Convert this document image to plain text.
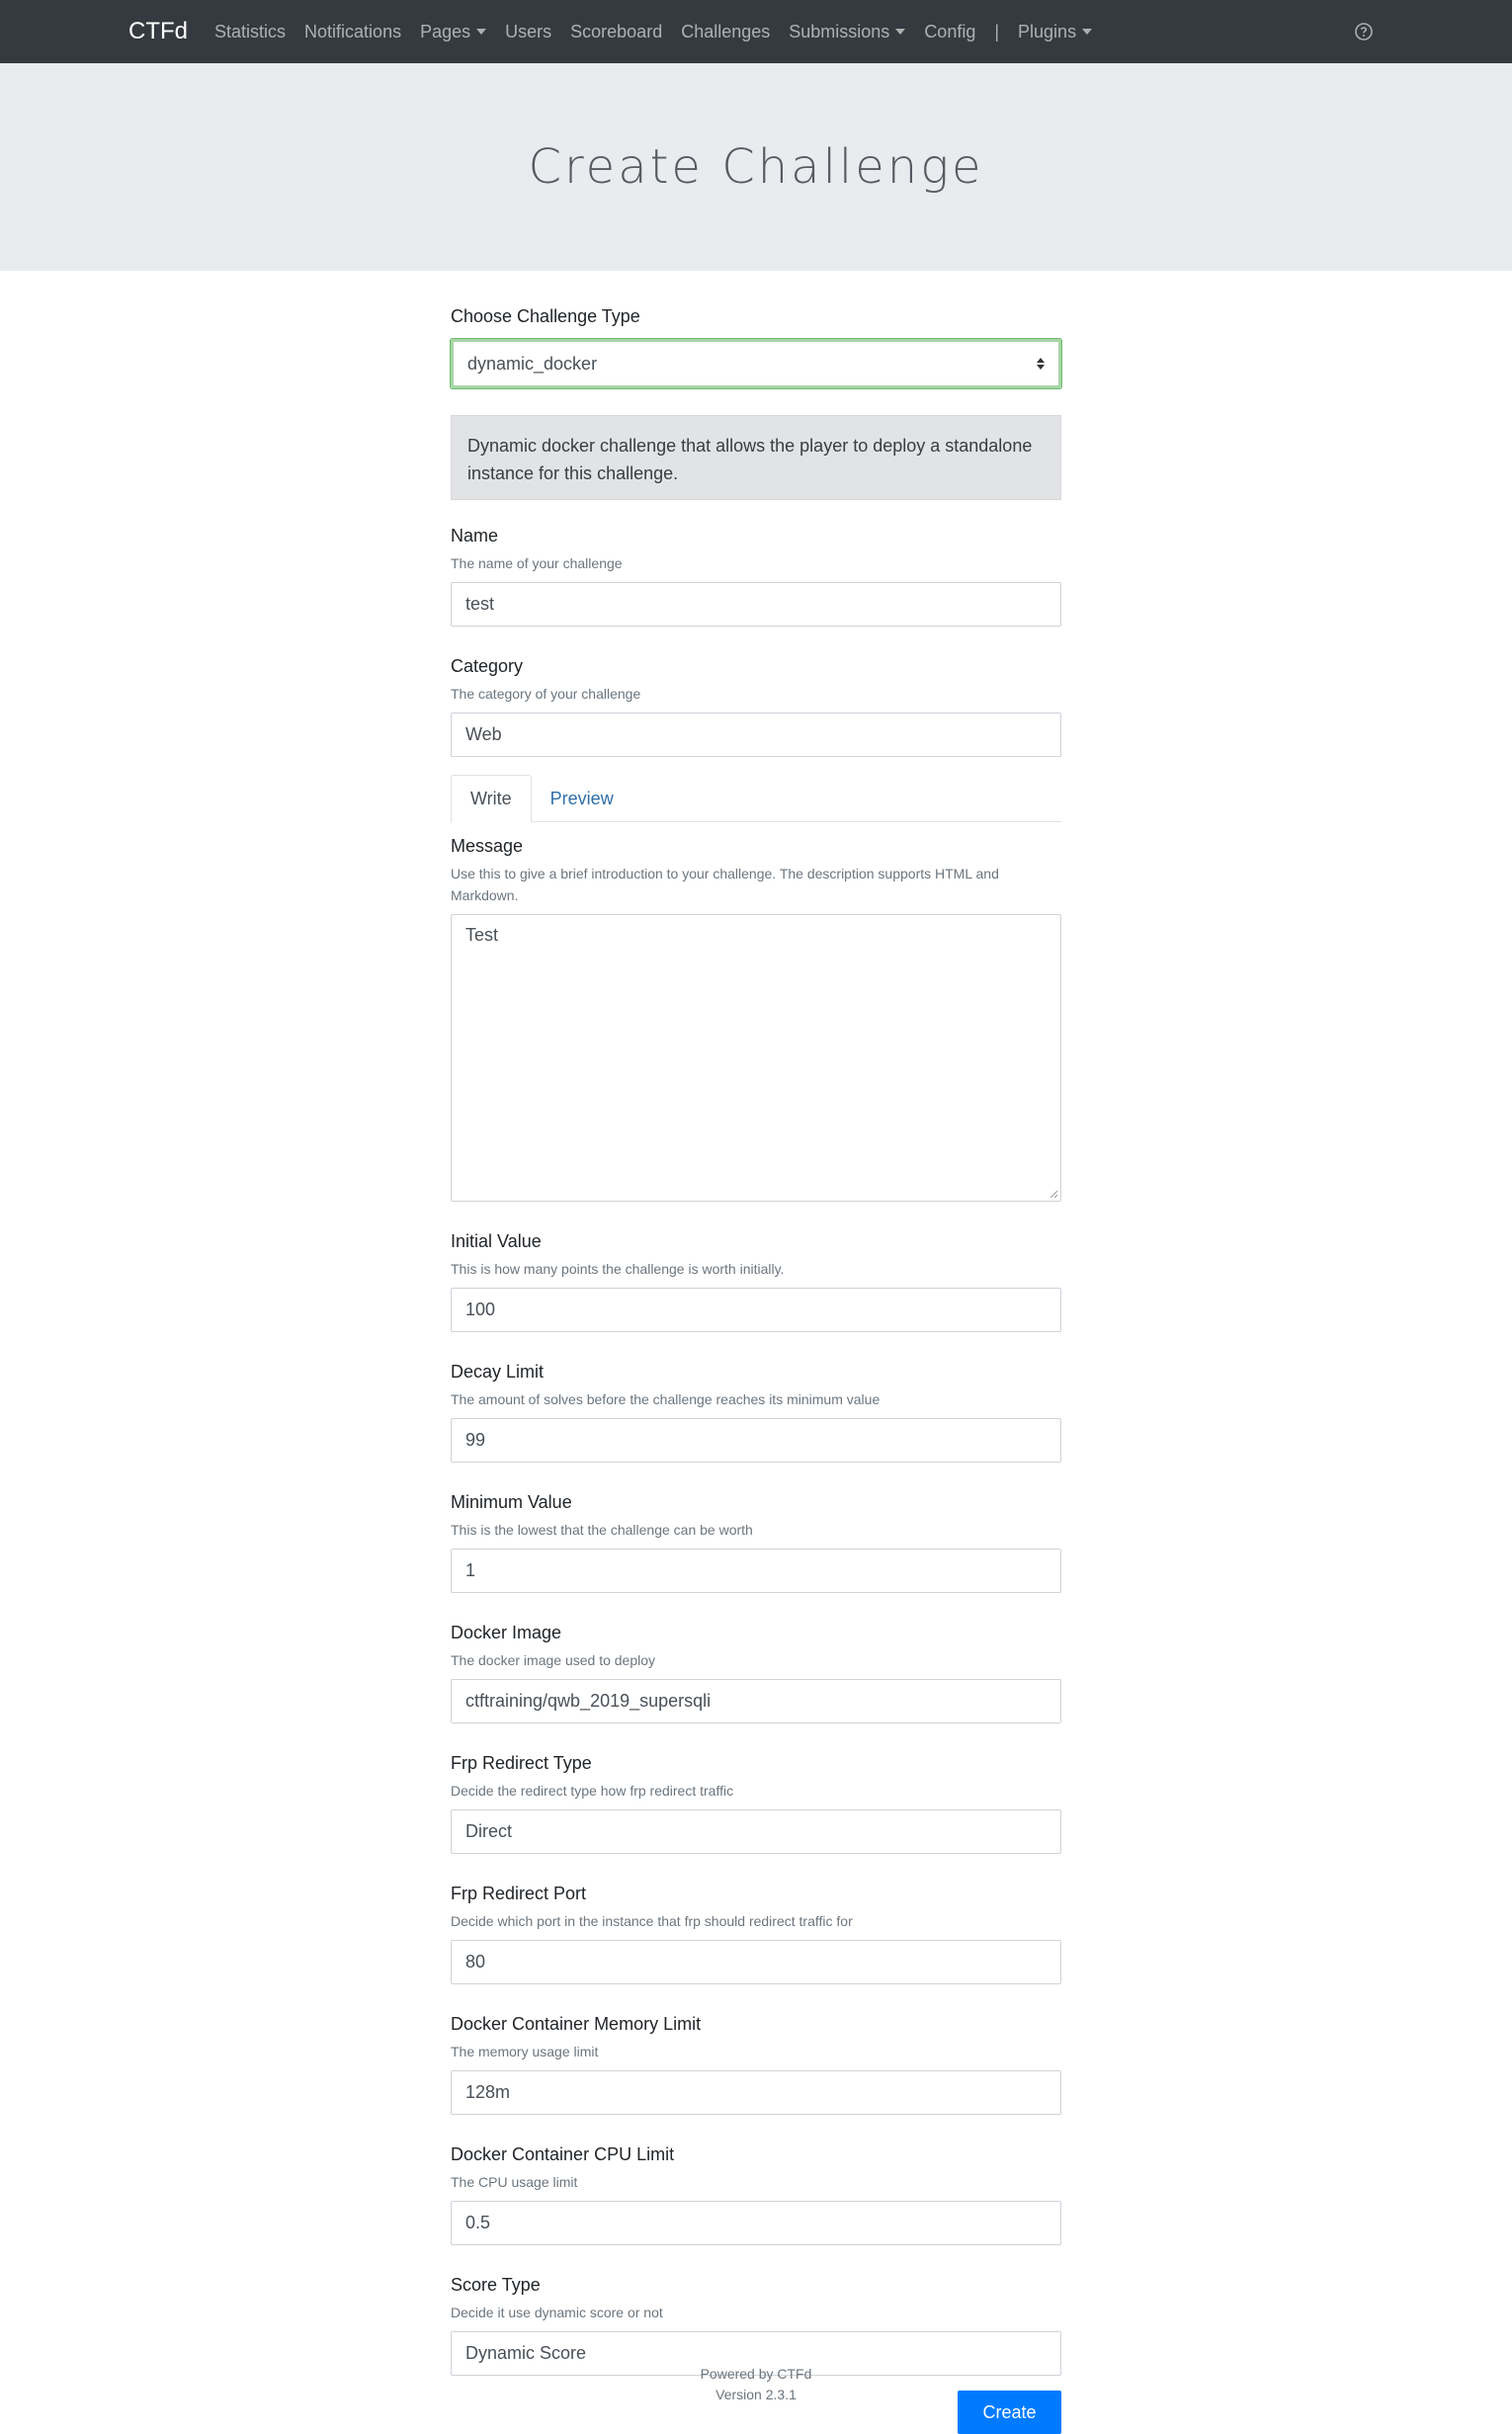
CTFd Statistics Notifications Pages Users Scoreboard Challenges Submissions Config | Plugins
Create Challenge
Choose Challenge Type
dynamic_docker
Dynamic docker challenge that allows the player to deploy a standalone instance for this challenge.
Name
The name of your challenge
test
Category
The category of your challenge
Web
Write	Preview
Message
Use this to give a brief introduction to your challenge. The description supports HTML and Markdown.
Test
Initial Value
This is how many points the challenge is worth initially.
100
Decay Limit
The amount of solves before the challenge reaches its minimum value
99
Minimum Value
This is the lowest that the challenge can be worth
1
Docker Image
The docker image used to deploy
ctftraining/qwb_2019_supersqli
Frp Redirect Type
Decide the redirect type how frp redirect traffic
Direct
Frp Redirect Port
Decide which port in the instance that frp should redirect traffic for
80
Docker Container Memory Limit
The memory usage limit
128m
Docker Container CPU Limit
The CPU usage limit
0.5
Score Type
Decide it use dynamic score or not
Dynamic Score
Create
Powered by CTFd
Version 2.3.1
